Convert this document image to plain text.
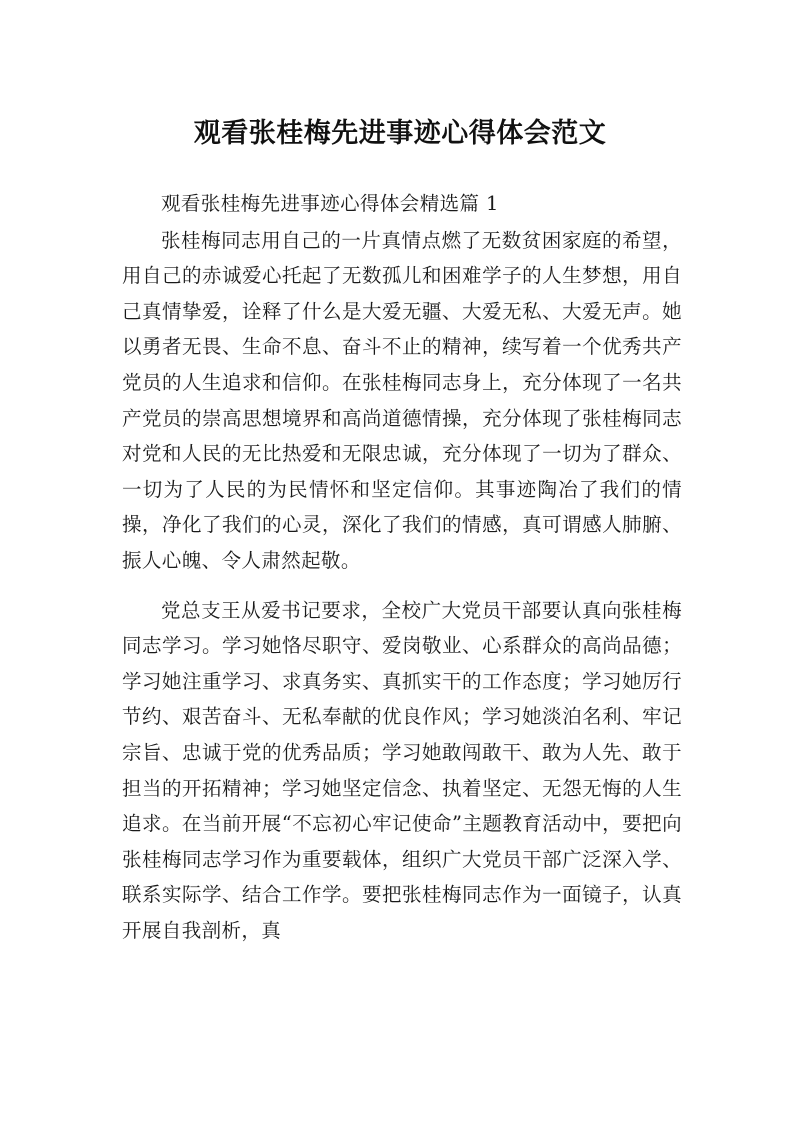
观看张桂梅先进事迹心得体会范文

观看张桂梅先进事迹心得体会精选篇 1

张桂梅同志用自己的一片真情点燃了无数贫困家庭的希望，用自己的赤诚爱心托起了无数孤儿和困难学子的人生梦想，用自己真情挚爱，诠释了什么是大爱无疆、大爱无私、大爱无声。她以勇者无畏、生命不息、奋斗不止的精神，续写着一个优秀共产党员的人生追求和信仰。在张桂梅同志身上，充分体现了一名共产党员的崇高思想境界和高尚道德情操，充分体现了张桂梅同志对党和人民的无比热爱和无限忠诚，充分体现了一切为了群众、一切为了人民的为民情怀和坚定信仰。其事迹陶冶了我们的情操，净化了我们的心灵，深化了我们的情感，真可谓感人肺腑、振人心魄、令人肃然起敬。

党总支王从爱书记要求，全校广大党员干部要认真向张桂梅同志学习。学习她恪尽职守、爱岗敬业、心系群众的高尚品德；学习她注重学习、求真务实、真抓实干的工作态度；学习她厉行节约、艰苦奋斗、无私奉献的优良作风；学习她淡泊名利、牢记宗旨、忠诚于党的优秀品质；学习她敢闯敢干、敢为人先、敢于担当的开拓精神；学习她坚定信念、执着坚定、无怨无悔的人生追求。在当前开展“不忘初心牢记使命”主题教育活动中，要把向张桂梅同志学习作为重要载体，组织广大党员干部广泛深入学、联系实际学、结合工作学。要把张桂梅同志作为一面镜子，认真开展自我剖析，真
